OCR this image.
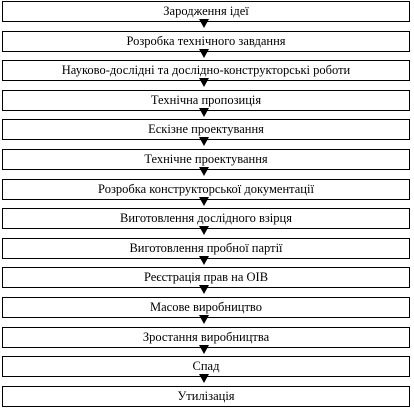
Зародження ідеї
Розробка технічного завдання
Науково-дослідні та дослідно-конструкторські роботи
Технічна пропозиція
Ескізне проектування
Технічне проектування
Розробка конструкторської документації
Виготовлення дослідного взірця
Виготовлення пробної партії
Реєстрація прав на ОІВ
Масове виробництво
Зростання виробництва
Спад
Утилізація
